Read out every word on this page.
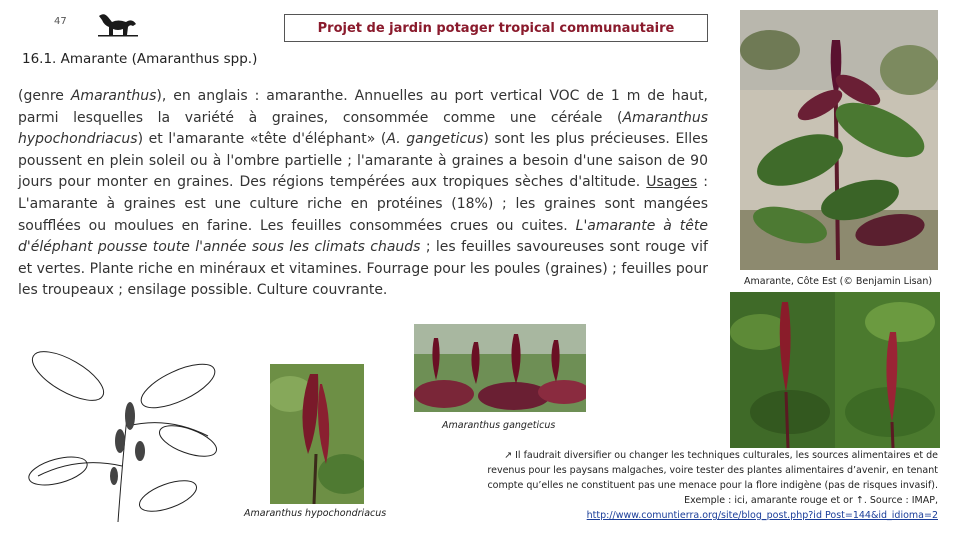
47	Projet de jardin potager tropical communautaire
16.1. Amarante (Amaranthus spp.)

(genre Amaranthus), en anglais : amaranthe. Annuelles au port vertical VOC de 1 m de haut, parmi lesquelles la variété à graines, consommée comme une céréale (Amaranthus hypochondriacus) et l'amarante «tête d'éléphant» (A. gangeticus) sont les plus précieuses. Elles poussent en plein soleil ou à l'ombre partielle ; l'amarante à graines a besoin d'une saison de 90 jours pour monter en graines. Des régions tempérées aux tropiques sèches d'altitude. Usages : L'amarante à graines est une culture riche en protéines (18%) ; les graines sont mangées soufflées ou moulues en farine. Les feuilles consommées crues ou cuites. L'amarante à tête d'éléphant pousse toute l'année sous les climats chauds ; les feuilles savoureuses sont rouge vif et vertes. Plante riche en minéraux et vitamines. Fourrage pour les poules (graines) ; feuilles pour les troupeaux ; ensilage possible. Culture couvrante.

Amarante, Côte Est (© Benjamin Lisan)
Amaranthus hypochondriacus
Amaranthus gangeticus
↗ Il faudrait diversifier ou changer les techniques culturales, les sources alimentaires et de
revenus pour les paysans malgaches, voire tester des plantes alimentaires d’avenir, en tenant
compte qu’elles ne constituent pas une menace pour la flore indigène (pas de risques invasif).
Exemple : ici, amarante rouge et or ↑. Source : IMAP,
http://www.comuntierra.org/site/blog_post.php?id Post=144&id_idioma=2
